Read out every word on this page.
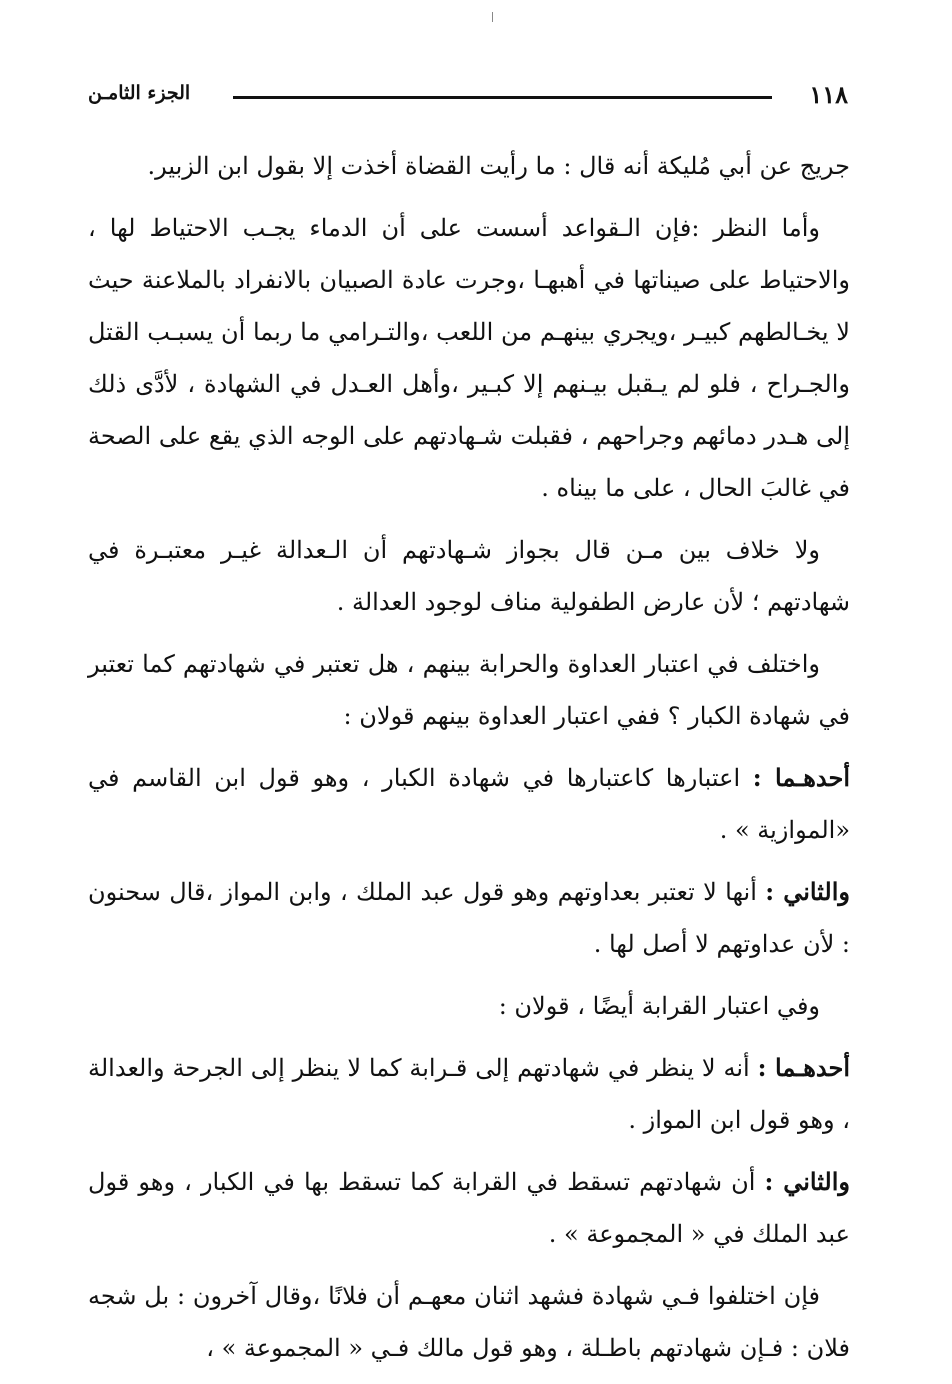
١١٨
الجزء الثامـن

جريج عن أبي مُليكة أنه قال : ما رأيت القضاة أخذت إلا بقول ابن الزبير.

وأما النظر :فإن الـقواعد أسست على أن الدماء يجـب الاحتياط لها ، والاحتياط على صيناتها في أهبهـا ،وجرت عادة الصبيان بالانفراد بالملاعنة حيث لا يخـالطهم كبيـر ،ويجري بينهـم من اللعب ،والتـرامي ما ربما أن يسبـب القتل والجـراح ، فلو لم يـقبل بيـنهم إلا كبـير ،وأهل العـدل في الشهادة ، لأدَّى ذلك إلى هـدر دمائهم وجراحهم ، فقبلت شـهادتهم على الوجه الذي يقع على الصحة في غالبَ الحال ، على ما بيناه .

ولا خلاف بين مـن قال بجواز شـهادتهم أن الـعدالة غيـر معتبـرة في شهادتهم ؛ لأن عارض الطفولية مناف لوجود العدالة .

واختلف في اعتبار العداوة والحرابة بينهم ، هل تعتبر في شهادتهم كما تعتبر في شهادة الكبار ؟ ففي اعتبار العداوة بينهم قولان :

أحدهـما : اعتبارها كاعتبارها في شهادة الكبار ، وهو قول ابن القاسم في «الموازية » .

والثاني : أنها لا تعتبر بعداوتهم وهو قول عبد الملك ، وابن المواز ،قال سحنون : لأن عداوتهم لا أصل لها .

وفي اعتبار القرابة أيضًا ، قولان :

أحدهـما : أنه لا ينظر في شهادتهم إلى قـرابة كما لا ينظر إلى الجرحة والعدالة ، وهو قول ابن المواز .

والثاني : أن شهادتهم تسقط في القرابة كما تسقط بها في الكبار ، وهو قول عبد الملك في « المجموعة » .

فإن اختلفوا فـي شهادة فشهد اثنان معهـم أن فلانًا ،وقال آخرون : بل شجه فلان : فـإن شهادتهم باطـلة ، وهو قول مالك فـي « المجموعة » ،
